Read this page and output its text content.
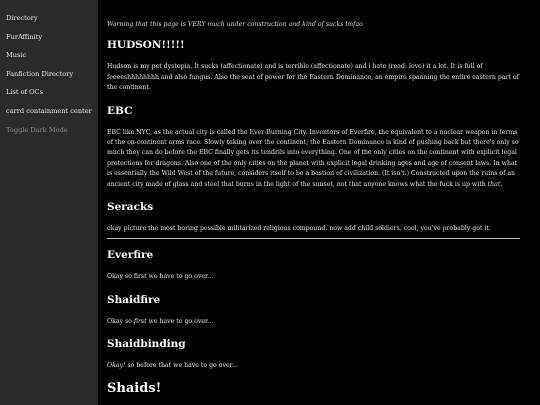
Directory
FurAffinity
Music
Fanfiction Directory
List of OCs
carrd containment center
Toggle Dark Mode

Warning that this page is VERY much under construction and kind of sucks lmfao

HUDSON!!!!!

Hudson is my pet dystopia. It sucks (affectionate) and is terrible (affectionate) and i hate (read: love) it a lot. It is full of feeeeshhhhhhhh and also fungus. Also the seat of power for the Eastern Dominance, an empire spanning the entire eastern part of the continent.

EBC

EBC like NYC, as the actual city is called the Ever-Burning City. Inventors of Everfire, the equivalent to a nuclear weapon in terms of the on-continent arms race. Slowly taking over the continent; the Eastern Dominance is kind of pushing back but there's only so much they can do before the EBC finally gets its tendrils into everything. One of the only cities on the continent with explicit legal protections for dragons. Also one of the only cities on the planet with explicit legal drinking ages and age of consent laws. In what is essentially the Wild West of the future, considers itself to be a bastion of civilization. (It isn't.) Constructed upon the ruins of an ancient city made of glass and steel that burns in the light of the sunset, not that anyone knows what the fuck is up with that.

Seracks

okay picture the most boring possible militarized religious compound. now add child soldiers. cool, you've probably got it.

Everfire

Okay so first we have to go over...

Shaidfire

Okay so first we have to go over...

Shaidbinding

Okay! so before that we have to go over...

Shaids!
